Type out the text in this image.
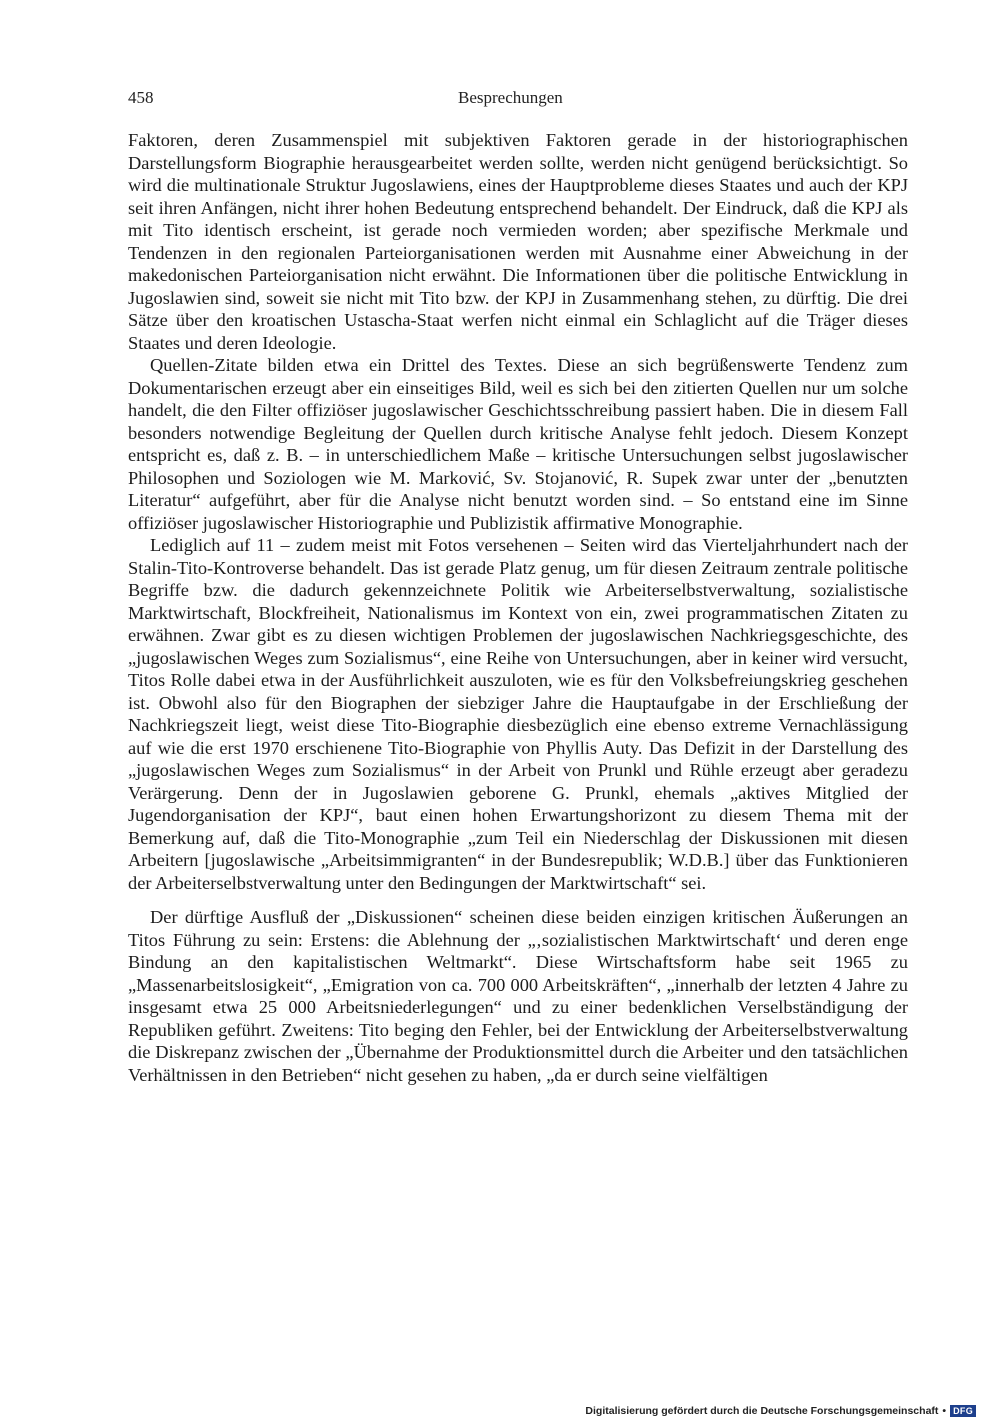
458	Besprechungen

Faktoren, deren Zusammenspiel mit subjektiven Faktoren gerade in der historiographischen Darstellungsform Biographie herausgearbeitet werden sollte, werden nicht genügend berücksichtigt. So wird die multinationale Struktur Jugoslawiens, eines der Hauptprobleme dieses Staates und auch der KPJ seit ihren Anfängen, nicht ihrer hohen Bedeutung entsprechend behandelt. Der Eindruck, daß die KPJ als mit Tito identisch erscheint, ist gerade noch vermieden worden; aber spezifische Merkmale und Tendenzen in den regionalen Parteiorganisationen werden mit Ausnahme einer Abweichung in der makedonischen Parteiorganisation nicht erwähnt. Die Informationen über die politische Entwicklung in Jugoslawien sind, soweit sie nicht mit Tito bzw. der KPJ in Zusammenhang stehen, zu dürftig. Die drei Sätze über den kroatischen Ustascha-Staat werfen nicht einmal ein Schlaglicht auf die Träger dieses Staates und deren Ideologie.

Quellen-Zitate bilden etwa ein Drittel des Textes. Diese an sich begrüßenswerte Tendenz zum Dokumentarischen erzeugt aber ein einseitiges Bild, weil es sich bei den zitierten Quellen nur um solche handelt, die den Filter offiziöser jugoslawischer Geschichtsschreibung passiert haben. Die in diesem Fall besonders notwendige Begleitung der Quellen durch kritische Analyse fehlt jedoch. Diesem Konzept entspricht es, daß z. B. – in unterschiedlichem Maße – kritische Untersuchungen selbst jugoslawischer Philosophen und Soziologen wie M. Marković, Sv. Stojanović, R. Supek zwar unter der „benutzten Literatur“ aufgeführt, aber für die Analyse nicht benutzt worden sind. – So entstand eine im Sinne offiziöser jugoslawischer Historiographie und Publizistik affirmative Monographie.

Lediglich auf 11 – zudem meist mit Fotos versehenen – Seiten wird das Vierteljahrhundert nach der Stalin-Tito-Kontroverse behandelt. Das ist gerade Platz genug, um für diesen Zeitraum zentrale politische Begriffe bzw. die dadurch gekennzeichnete Politik wie Arbeiterselbstverwaltung, sozialistische Marktwirtschaft, Blockfreiheit, Nationalismus im Kontext von ein, zwei programmatischen Zitaten zu erwähnen. Zwar gibt es zu diesen wichtigen Problemen der jugoslawischen Nachkriegsgeschichte, des „jugoslawischen Weges zum Sozialismus“, eine Reihe von Untersuchungen, aber in keiner wird versucht, Titos Rolle dabei etwa in der Ausführlichkeit auszuloten, wie es für den Volksbefreiungskrieg geschehen ist. Obwohl also für den Biographen der siebziger Jahre die Hauptaufgabe in der Erschließung der Nachkriegszeit liegt, weist diese Tito-Biographie diesbezüglich eine ebenso extreme Vernachlässigung auf wie die erst 1970 erschienene Tito-Biographie von Phyllis Auty. Das Defizit in der Darstellung des „jugoslawischen Weges zum Sozialismus“ in der Arbeit von Prunkl und Rühle erzeugt aber geradezu Verärgerung. Denn der in Jugoslawien geborene G. Prunkl, ehemals „aktives Mitglied der Jugendorganisation der KPJ“, baut einen hohen Erwartungshorizont zu diesem Thema mit der Bemerkung auf, daß die Tito-Monographie „zum Teil ein Niederschlag der Diskussionen mit diesen Arbeitern [jugoslawische „Arbeitsimmigranten“ in der Bundesrepublik; W.D.B.] über das Funktionieren der Arbeiterselbstverwaltung unter den Bedingungen der Marktwirtschaft“ sei.

Der dürftige Ausfluß der „Diskussionen“ scheinen diese beiden einzigen kritischen Äußerungen an Titos Führung zu sein: Erstens: die Ablehnung der „‚sozialistischen Marktwirtschaft‘ und deren enge Bindung an den kapitalistischen Weltmarkt“. Diese Wirtschaftsform habe seit 1965 zu „Massenarbeitslosigkeit“, „Emigration von ca. 700 000 Arbeitskräften“, „innerhalb der letzten 4 Jahre zu insgesamt etwa 25 000 Arbeitsniederlegungen“ und zu einer bedenklichen Verselbständigung der Republiken geführt. Zweitens: Tito beging den Fehler, bei der Entwicklung der Arbeiterselbstverwaltung die Diskrepanz zwischen der „Übernahme der Produktionsmittel durch die Arbeiter und den tatsächlichen Verhältnissen in den Betrieben“ nicht gesehen zu haben, „da er durch seine vielfältigen

Digitalisierung gefördert durch die Deutsche Forschungsgemeinschaft • DFG
